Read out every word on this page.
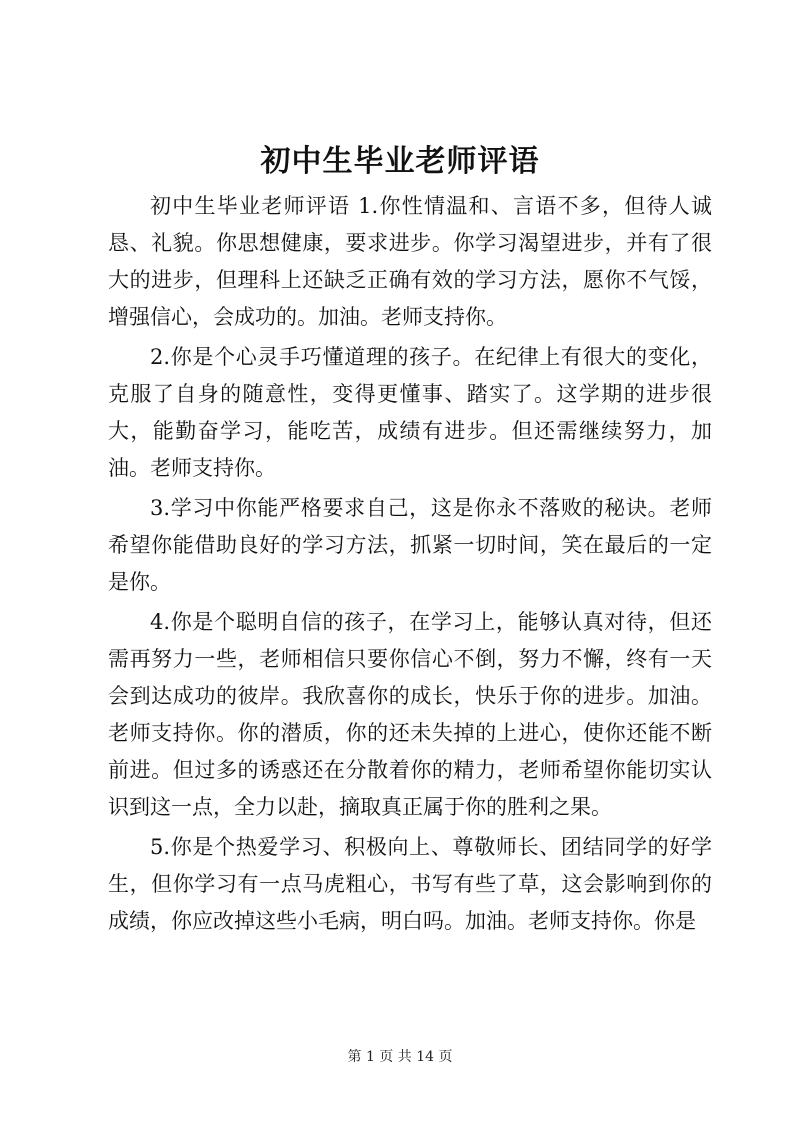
初中生毕业老师评语

初中生毕业老师评语 1.你性情温和、言语不多，但待人诚恳、礼貌。你思想健康，要求进步。你学习渴望进步，并有了很大的进步，但理科上还缺乏正确有效的学习方法，愿你不气馁，增强信心，会成功的。加油。老师支持你。

2.你是个心灵手巧懂道理的孩子。在纪律上有很大的变化，克服了自身的随意性，变得更懂事、踏实了。这学期的进步很大，能勤奋学习，能吃苦，成绩有进步。但还需继续努力，加油。老师支持你。

3.学习中你能严格要求自己，这是你永不落败的秘诀。老师希望你能借助良好的学习方法，抓紧一切时间，笑在最后的一定是你。

4.你是个聪明自信的孩子，在学习上，能够认真对待，但还需再努力一些，老师相信只要你信心不倒，努力不懈，终有一天会到达成功的彼岸。我欣喜你的成长，快乐于你的进步。加油。老师支持你。你的潜质，你的还未失掉的上进心，使你还能不断前进。但过多的诱惑还在分散着你的精力，老师希望你能切实认识到这一点，全力以赴，摘取真正属于你的胜利之果。

5.你是个热爱学习、积极向上、尊敬师长、团结同学的好学生，但你学习有一点马虎粗心，书写有些了草，这会影响到你的成绩，你应改掉这些小毛病，明白吗。加油。老师支持你。你是

第 1 页 共 14 页
